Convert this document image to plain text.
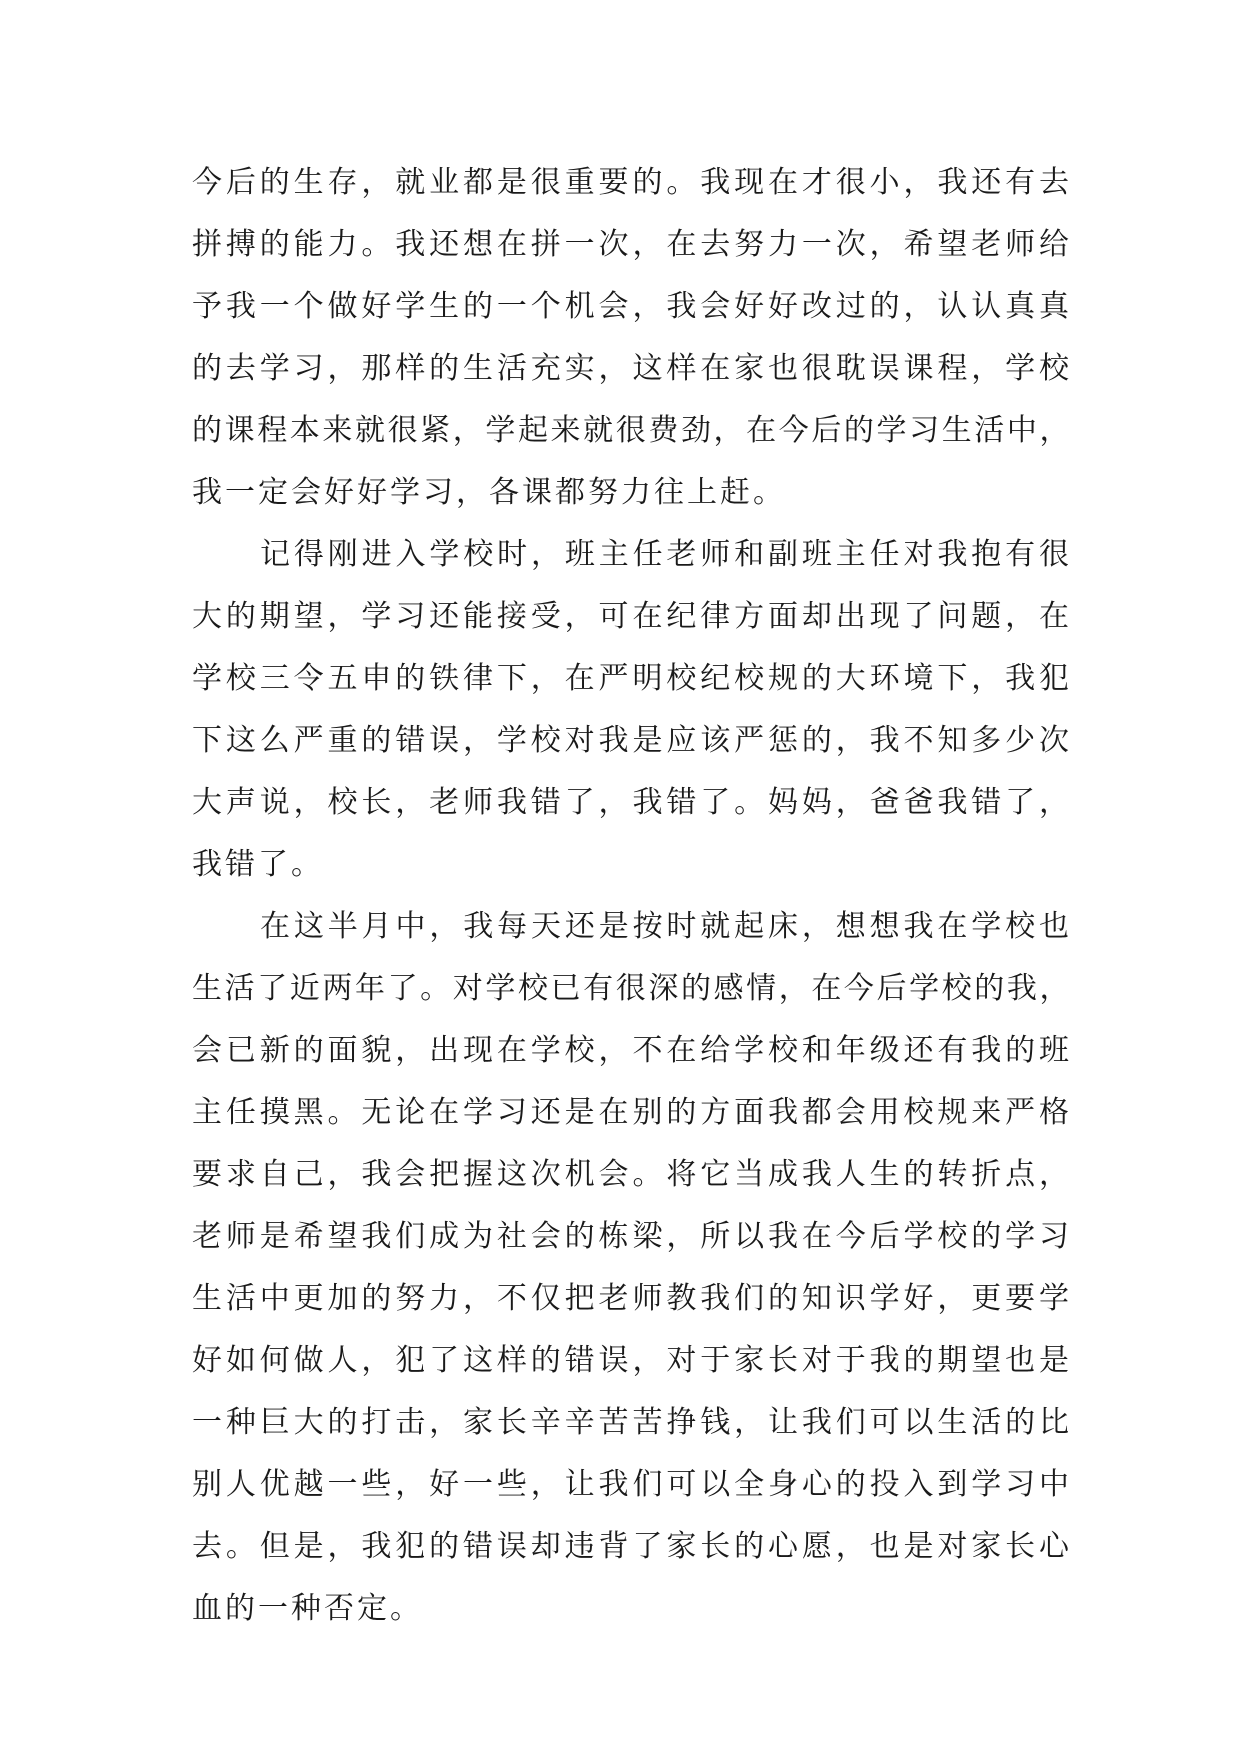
今后的生存，就业都是很重要的。我现在才很小，我还有去
拼搏的能力。我还想在拼一次，在去努力一次，希望老师给
予我一个做好学生的一个机会，我会好好改过的，认认真真
的去学习，那样的生活充实，这样在家也很耽误课程，学校
的课程本来就很紧，学起来就很费劲，在今后的学习生活中，
我一定会好好学习，各课都努力往上赶。
记得刚进入学校时，班主任老师和副班主任对我抱有很
大的期望，学习还能接受，可在纪律方面却出现了问题，在
学校三令五申的铁律下，在严明校纪校规的大环境下，我犯
下这么严重的错误，学校对我是应该严惩的，我不知多少次
大声说，校长，老师我错了，我错了。妈妈，爸爸我错了，
我错了。
在这半月中，我每天还是按时就起床，想想我在学校也
生活了近两年了。对学校已有很深的感情，在今后学校的我，
会已新的面貌，出现在学校，不在给学校和年级还有我的班
主任摸黑。无论在学习还是在别的方面我都会用校规来严格
要求自己，我会把握这次机会。将它当成我人生的转折点，
老师是希望我们成为社会的栋梁，所以我在今后学校的学习
生活中更加的努力，不仅把老师教我们的知识学好，更要学
好如何做人，犯了这样的错误，对于家长对于我的期望也是
一种巨大的打击，家长辛辛苦苦挣钱，让我们可以生活的比
别人优越一些，好一些，让我们可以全身心的投入到学习中
去。但是，我犯的错误却违背了家长的心愿，也是对家长心
血的一种否定。
